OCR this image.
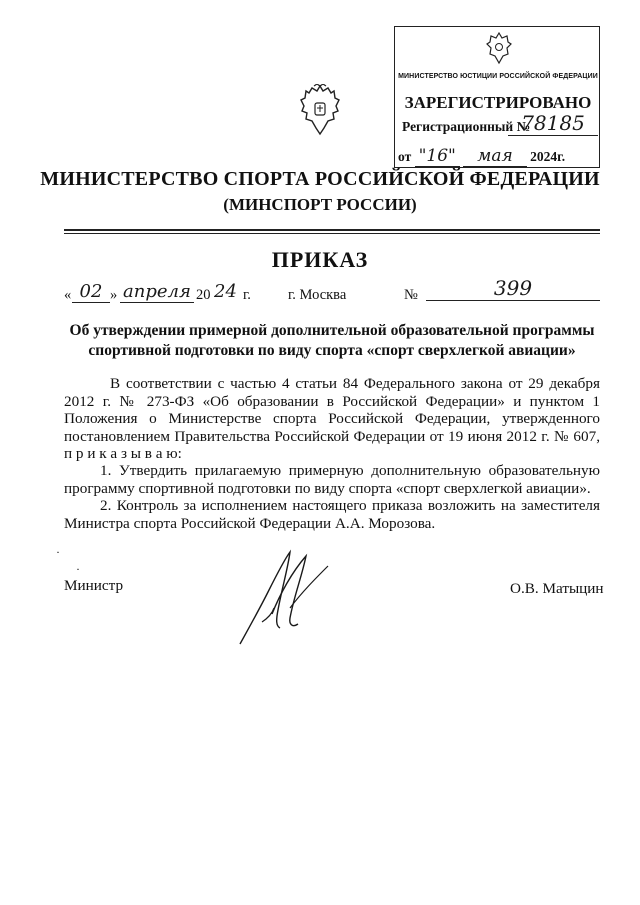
МИНИСТЕРСТВО ЮСТИЦИИ РОССИЙСКОЙ ФЕДЕРАЦИИ
ЗАРЕГИСТРИРОВАНО
Регистрационный №
78185
от "16" мая 2024г.
МИНИСТЕРСТВО СПОРТА РОССИЙСКОЙ ФЕДЕРАЦИИ
(МИНСПОРТ РОССИИ)
ПРИКАЗ
« 02 » апреля 20 24 г.	г. Москва	№	399
Об утверждении примерной дополнительной образовательной программы спортивной подготовки по виду спорта «спорт сверхлегкой авиации»
В соответствии с частью 4 статьи 84 Федерального закона от 29 декабря 2012 г. № 273-ФЗ «Об образовании в Российской Федерации» и пунктом 1 Положения о Министерстве спорта Российской Федерации, утвержденного постановлением Правительства Российской Федерации от 19 июня 2012 г. № 607, п р и к а з ы в а ю:
1. Утвердить прилагаемую примерную дополнительную образовательную программу спортивной подготовки по виду спорта «спорт сверхлегкой авиации».
2. Контроль за исполнением настоящего приказа возложить на заместителя Министра спорта Российской Федерации А.А. Морозова.
·
·
Министр	О.В. Матыцин
